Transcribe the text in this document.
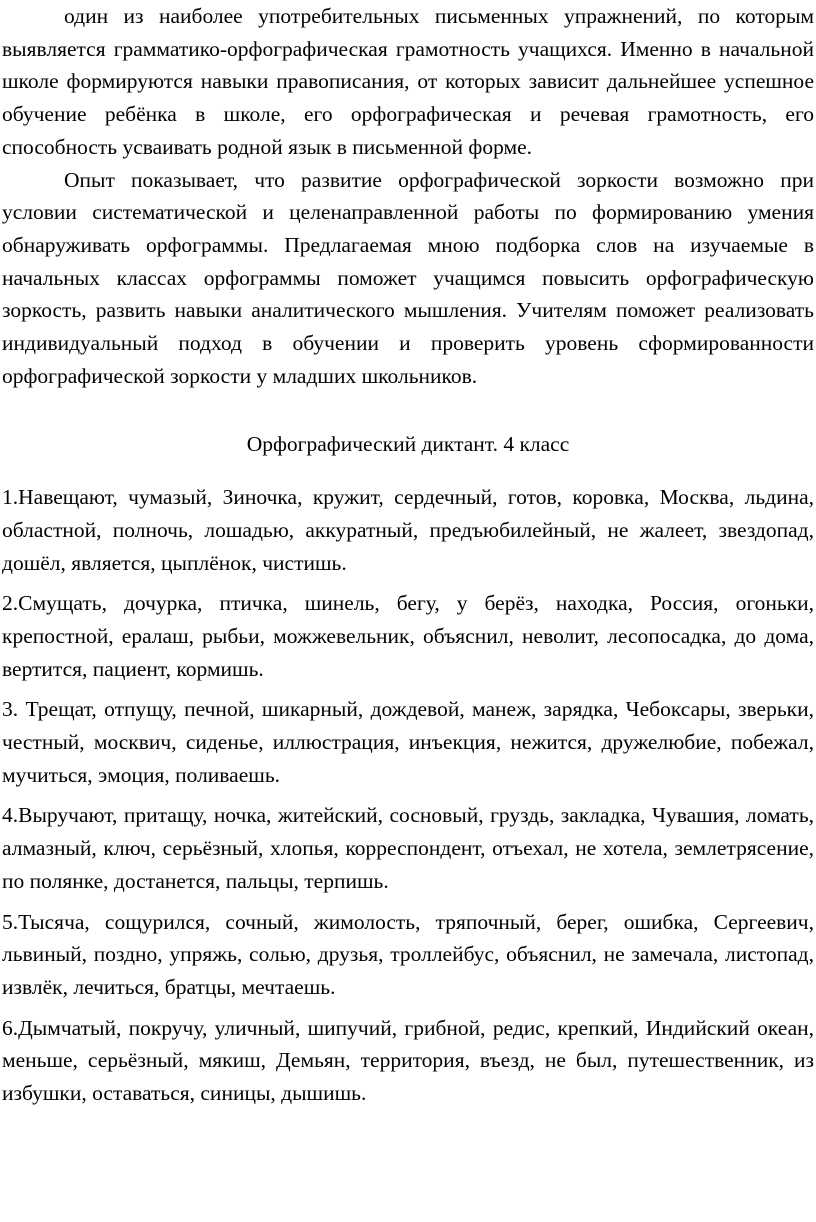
один из наиболее употребительных письменных упражнений, по которым выявляется грамматико-орфографическая грамотность учащихся. Именно в начальной школе формируются навыки правописания, от которых зависит дальнейшее успешное обучение ребёнка в школе, его орфографическая и речевая грамотность, его способность усваивать родной язык в письменной форме.

Опыт показывает, что развитие орфографической зоркости возможно при условии систематической и целенаправленной работы по формированию умения обнаруживать орфограммы. Предлагаемая мною подборка слов на изучаемые в начальных классах орфограммы поможет учащимся повысить орфографическую зоркость, развить навыки аналитического мышления. Учителям поможет реализовать индивидуальный подход в обучении и проверить уровень сформированности орфографической зоркости у младших школьников.

Орфографический диктант. 4 класс

1.Навещают, чумазый, Зиночка, кружит, сердечный, готов, коровка, Москва, льдина, областной, полночь, лошадью, аккуратный, предъюбилейный, не жалеет, звездопад, дошёл, является, цыплёнок, чистишь.

2.Смущать, дочурка, птичка, шинель, бегу, у берёз, находка, Россия, огоньки, крепостной, ералаш, рыбьи, можжевельник, объяснил, неволит, лесопосадка, до дома, вертится, пациент, кормишь.

3. Трещат, отпущу, печной, шикарный, дождевой, манеж, зарядка, Чебоксары, зверьки, честный, москвич, сиденье, иллюстрация, инъекция, нежится, дружелюбие, побежал, мучиться, эмоция, поливаешь.

4.Выручают, притащу, ночка, житейский, сосновый, груздь, закладка, Чувашия, ломать, алмазный, ключ, серьёзный, хлопья, корреспондент, отъехал, не хотела, землетрясение, по полянке, достанется, пальцы, терпишь.

5.Тысяча, сощурился, сочный, жимолость, тряпочный, берег, ошибка, Сергеевич, львиный, поздно, упряжь, солью, друзья, троллейбус, объяснил, не замечала, листопад, извлёк, лечиться, братцы, мечтаешь.

6.Дымчатый, покручу, уличный, шипучий, грибной, редис, крепкий, Индийский океан, меньше, серьёзный, мякиш, Демьян, территория, въезд, не был, путешественник, из избушки, оставаться, синицы, дышишь.
